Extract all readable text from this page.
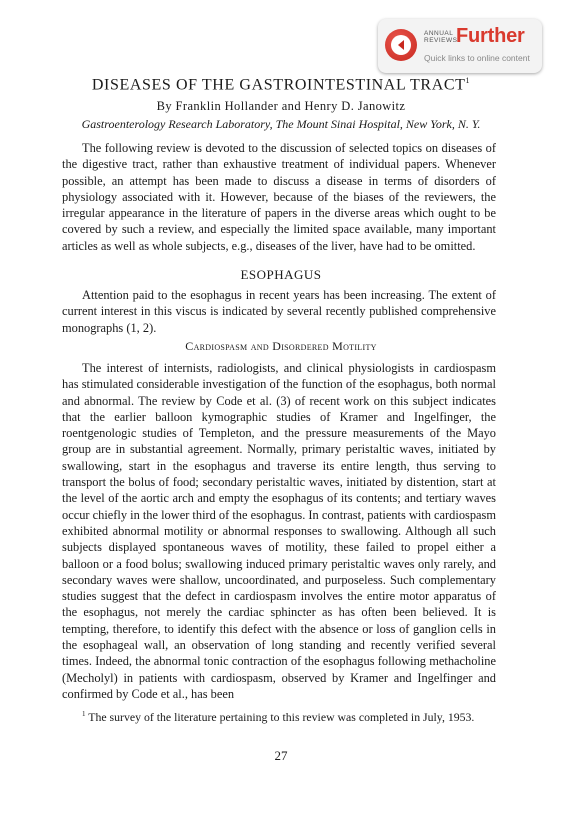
ANNUAL
REVIEWS
Further
Quick links to online content
DISEASES OF THE GASTROINTESTINAL TRACT$^1$
By Franklin Hollander and Henry D. Janowitz
Gastroenterology Research Laboratory, The Mount Sinai Hospital, New York, N. Y.

The following review is devoted to the discussion of selected topics on diseases of the digestive tract, rather than exhaustive treatment of individual papers. Whenever possible, an attempt has been made to discuss a disease in terms of disorders of physiology associated with it. However, because of the biases of the reviewers, the irregular appearance in the literature of papers in the diverse areas which ought to be covered by such a review, and especially the limited space available, many important articles as well as whole subjects, e.g., diseases of the liver, have had to be omitted.

ESOPHAGUS

Attention paid to the esophagus in recent years has been increasing. The extent of current interest in this viscus is indicated by several recently published comprehensive monographs (1, 2).

Cardiospasm and Disordered Motility

The interest of internists, radiologists, and clinical physiologists in cardiospasm has stimulated considerable investigation of the function of the esophagus, both normal and abnormal. The review by Code et al. (3) of recent work on this subject indicates that the earlier balloon kymographic studies of Kramer and Ingelfinger, the roentgenologic studies of Templeton, and the pressure measurements of the Mayo group are in substantial agreement. Normally, primary peristaltic waves, initiated by swallowing, start in the esophagus and traverse its entire length, thus serving to transport the bolus of food; secondary peristaltic waves, initiated by distention, start at the level of the aortic arch and empty the esophagus of its contents; and tertiary waves occur chiefly in the lower third of the esophagus. In contrast, patients with cardiospasm exhibited abnormal motility or abnormal responses to swallowing. Although all such subjects displayed spontaneous waves of motility, these failed to propel either a balloon or a food bolus; swallowing induced primary peristaltic waves only rarely, and secondary waves were shallow, uncoordinated, and purposeless. Such complementary studies suggest that the defect in cardiospasm involves the entire motor apparatus of the esophagus, not merely the cardiac sphincter as has often been believed. It is tempting, therefore, to identify this defect with the absence or loss of ganglion cells in the esophageal wall, an observation of long standing and recently verified several times. Indeed, the abnormal tonic contraction of the esophagus following methacholine (Mecholyl) in patients with cardiospasm, observed by Kramer and Ingelfinger and confirmed by Code et al., has been

$^1$ The survey of the literature pertaining to this review was completed in July, 1953.

27
